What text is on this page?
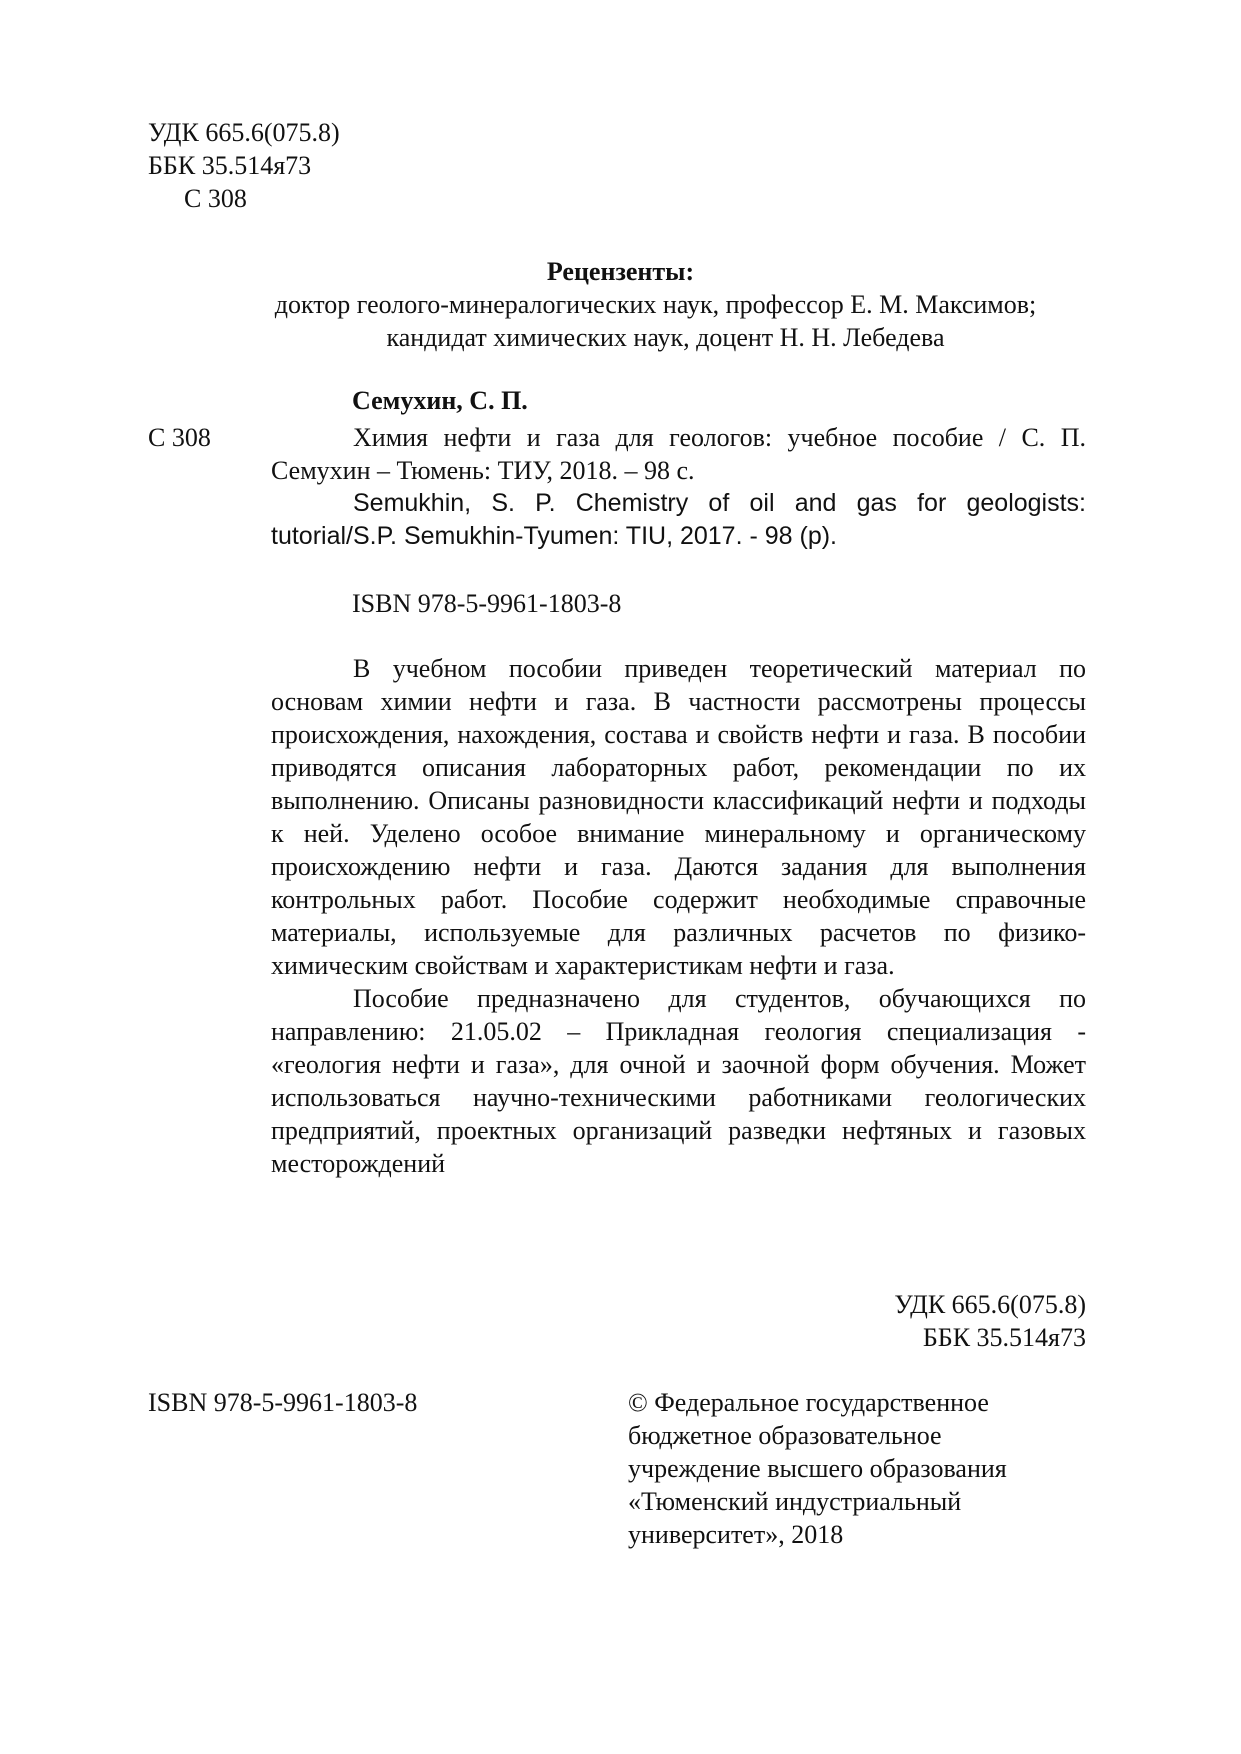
УДК 665.6(075.8)
ББК 35.514я73
С 308
Рецензенты:
доктор геолого-минералогических наук, профессор Е. М. Максимов;
кандидат химических наук, доцент Н. Н. Лебедева
Семухин, С. П.
С 308	Химия нефти и газа для геологов: учебное пособие / С. П. Семухин – Тюмень: ТИУ, 2018. – 98 с.
Semukhin, S. P. Chemistry of oil and gas for geologists: tutorial/S.P. Semukhin-Tyumen: TIU, 2017. - 98 (p).
ISBN 978-5-9961-1803-8

В учебном пособии приведен теоретический материал по основам химии нефти и газа. В частности рассмотрены процессы происхождения, нахождения, состава и свойств нефти и газа. В пособии приводятся описания лабораторных работ, рекомендации по их выполнению. Описаны разновидности классификаций нефти и подходы к ней. Уделено особое внимание минеральному и органическому происхождению нефти и газа. Даются задания для выполнения контрольных работ. Пособие содержит необходимые справочные материалы, используемые для различных расчетов по физико-химическим свойствам и характеристикам нефти и газа.

Пособие предназначено для студентов, обучающихся по направлению: 21.05.02 – Прикладная геология специализация - «геология нефти и газа», для очной и заочной форм обучения. Может использоваться научно-техническими работниками геологических предприятий, проектных организаций разведки нефтяных и газовых месторождений

УДК 665.6(075.8)
ББК 35.514я73
ISBN 978-5-9961-1803-8	© Федеральное государственное
бюджетное образовательное
учреждение высшего образования
«Тюменский индустриальный
университет», 2018
